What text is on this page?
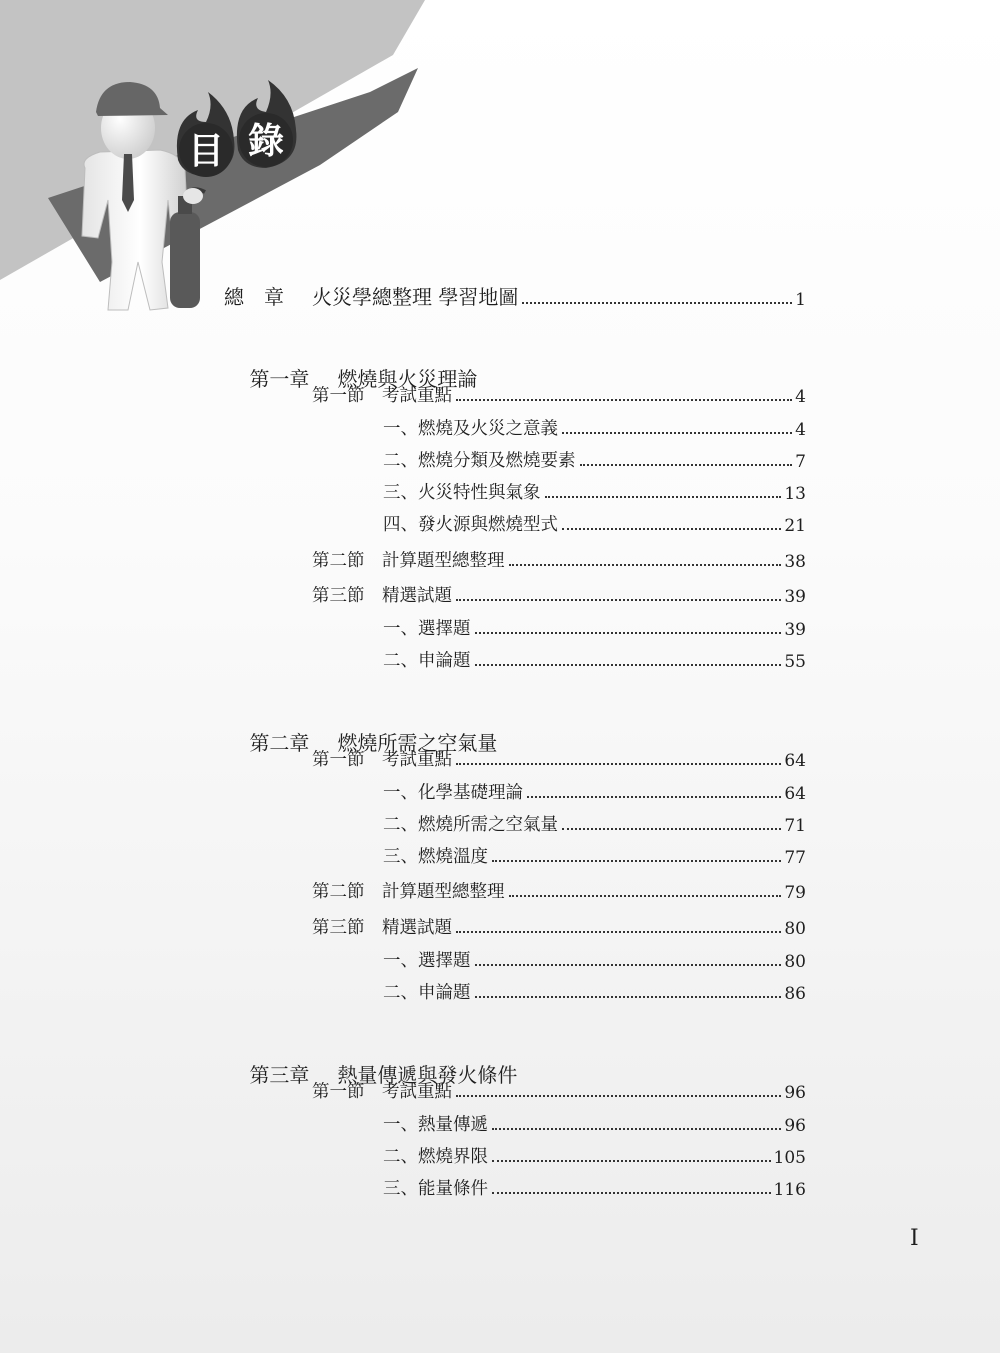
目 錄
總　章	火災學總整理 學習地圖	1

第一章 燃燒與火災理論

第一節	考試重點	4
一、燃燒及火災之意義	4
二、燃燒分類及燃燒要素	7
三、火災特性與氣象	13
四、發火源與燃燒型式	21
第二節	計算題型總整理	38
第三節	精選試題	39
一、選擇題	39
二、申論題	55

第二章 燃燒所需之空氣量

第一節	考試重點	64
一、化學基礎理論	64
二、燃燒所需之空氣量	71
三、燃燒溫度	77
第二節	計算題型總整理	79
第三節	精選試題	80
一、選擇題	80
二、申論題	86

第三章 熱量傳遞與發火條件

第一節	考試重點	96
一、熱量傳遞	96
二、燃燒界限	105
三、能量條件	116
I
